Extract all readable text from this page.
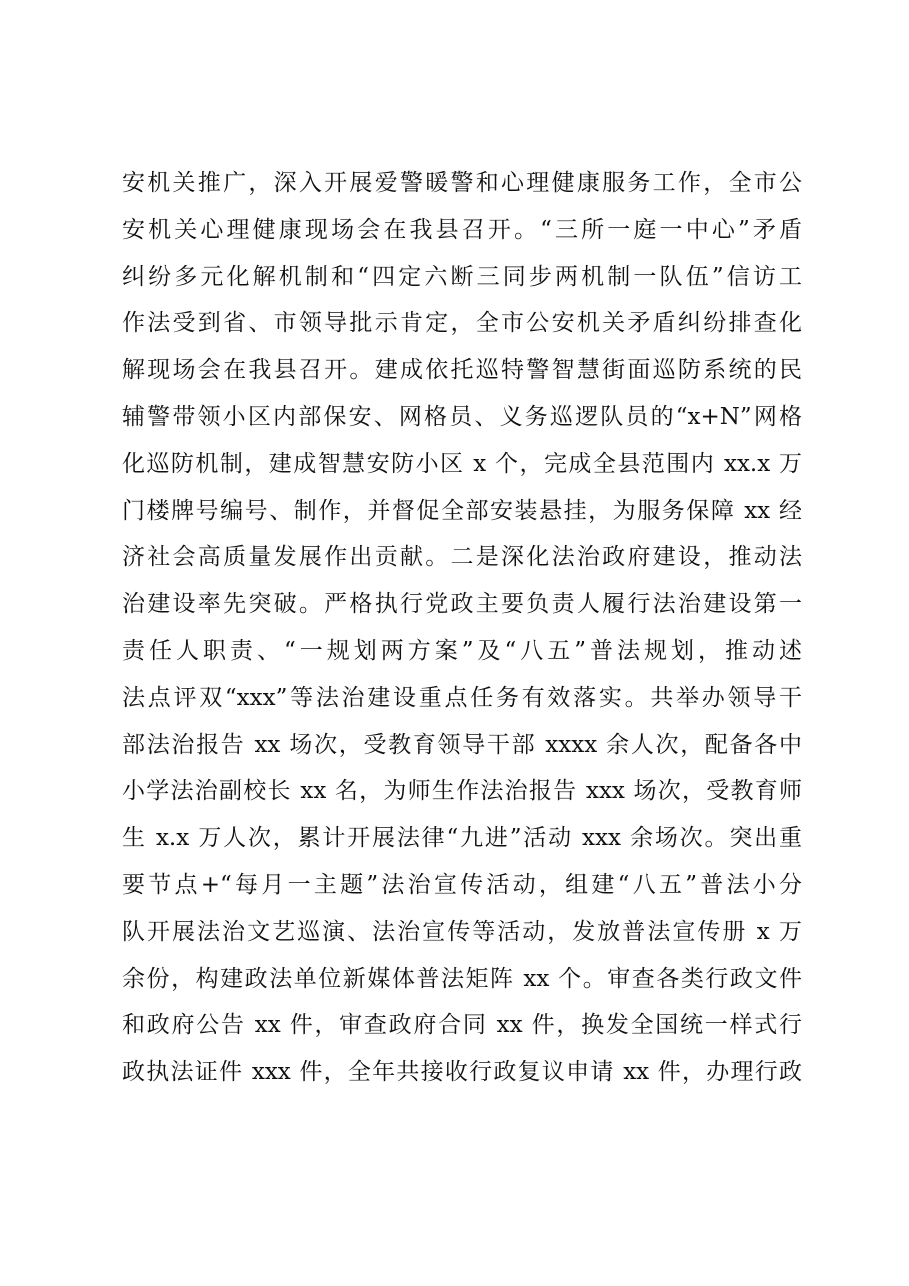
安机关推广，深入开展爱警暖警和心理健康服务工作，全市公
安机关心理健康现场会在我县召开。“三所一庭一中心”矛盾
纠纷多元化解机制和“四定六断三同步两机制一队伍”信访工
作法受到省、市领导批示肯定，全市公安机关矛盾纠纷排查化
解现场会在我县召开。建成依托巡特警智慧街面巡防系统的民
辅警带领小区内部保安、网格员、义务巡逻队员的“x+N”网格
化巡防机制，建成智慧安防小区 x 个，完成全县范围内 xx.x 万
门楼牌号编号、制作，并督促全部安装悬挂，为服务保障 xx 经
济社会高质量发展作出贡献。二是深化法治政府建设，推动法
治建设率先突破。严格执行党政主要负责人履行法治建设第一
责任人职责、“一规划两方案”及“八五”普法规划，推动述
法点评双“xxx”等法治建设重点任务有效落实。共举办领导干
部法治报告 xx 场次，受教育领导干部 xxxx 余人次，配备各中
小学法治副校长 xx 名，为师生作法治报告 xxx 场次，受教育师
生 x.x 万人次，累计开展法律“九进”活动 xxx 余场次。突出重
要节点+“每月一主题”法治宣传活动，组建“八五”普法小分
队开展法治文艺巡演、法治宣传等活动，发放普法宣传册 x 万
余份，构建政法单位新媒体普法矩阵 xx 个。审查各类行政文件
和政府公告 xx 件，审查政府合同 xx 件，换发全国统一样式行
政执法证件 xxx 件，全年共接收行政复议申请 xx 件，办理行政
